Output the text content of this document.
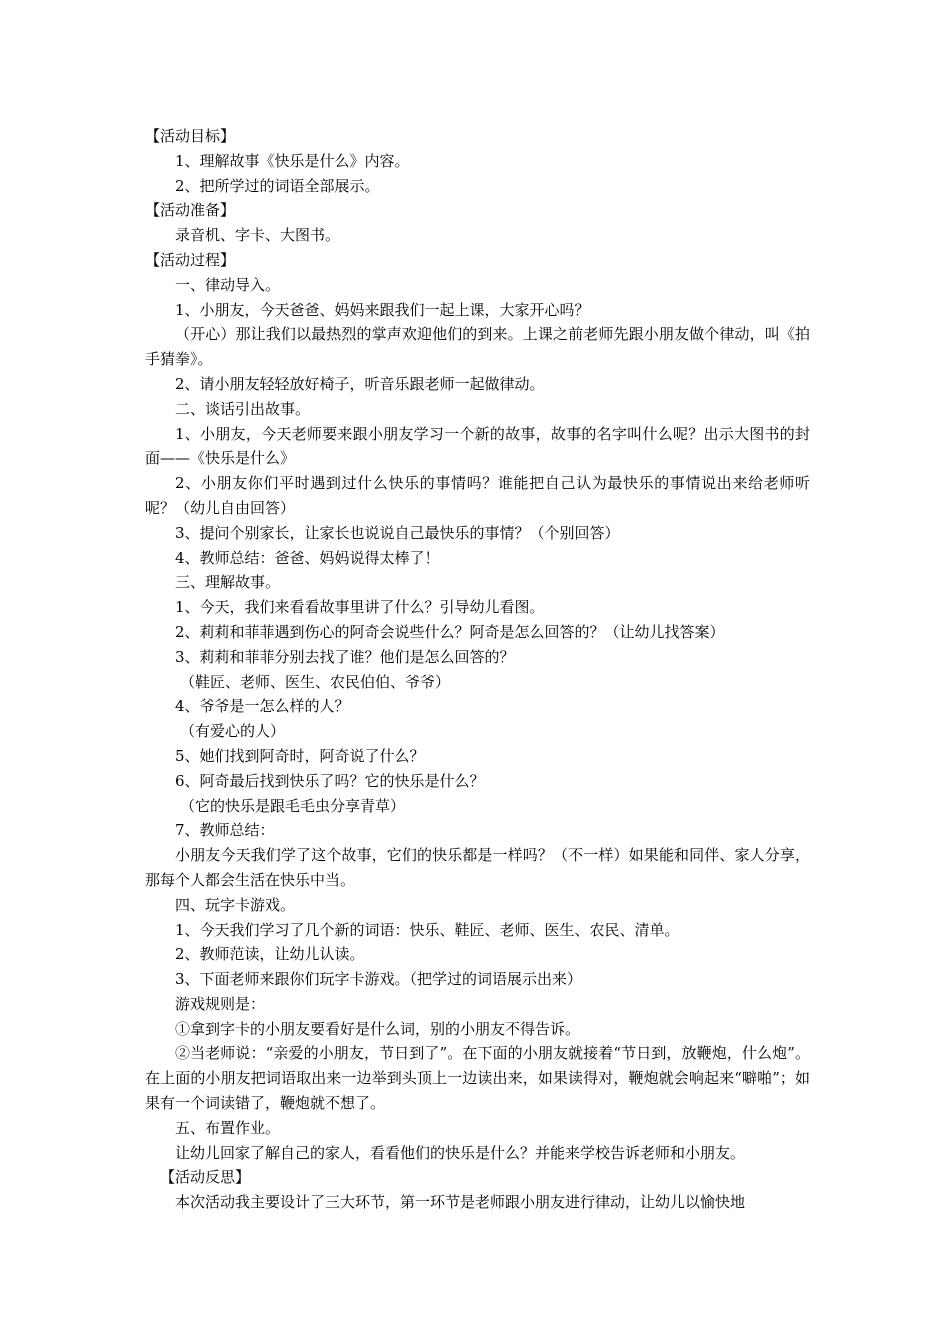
【活动目标】

1、理解故事《快乐是什么》内容。

2、把所学过的词语全部展示。

【活动准备】

录音机、字卡、大图书。

【活动过程】

一、律动导入。

1、小朋友，今天爸爸、妈妈来跟我们一起上课，大家开心吗？

（开心）那让我们以最热烈的掌声欢迎他们的到来。上课之前老师先跟小朋友做个律动，叫《拍手猜拳》。

2、请小朋友轻轻放好椅子，听音乐跟老师一起做律动。

二、谈话引出故事。

1、小朋友，今天老师要来跟小朋友学习一个新的故事，故事的名字叫什么呢？出示大图书的封面——《快乐是什么》

2、小朋友你们平时遇到过什么快乐的事情吗？谁能把自己认为最快乐的事情说出来给老师听呢？（幼儿自由回答）

3、提问个别家长，让家长也说说自己最快乐的事情？（个别回答）

4、教师总结：爸爸、妈妈说得太棒了！

三、理解故事。

1、今天，我们来看看故事里讲了什么？引导幼儿看图。

2、莉莉和菲菲遇到伤心的阿奇会说些什么？阿奇是怎么回答的？（让幼儿找答案）

3、莉莉和菲菲分别去找了谁？他们是怎么回答的？

（鞋匠、老师、医生、农民伯伯、爷爷）

4、爷爷是一怎么样的人？

（有爱心的人）

5、她们找到阿奇时，阿奇说了什么？

6、阿奇最后找到快乐了吗？它的快乐是什么？

（它的快乐是跟毛毛虫分享青草）

7、教师总结：

小朋友今天我们学了这个故事，它们的快乐都是一样吗？（不一样）如果能和同伴、家人分享，那每个人都会生活在快乐中当。

四、玩字卡游戏。

1、今天我们学习了几个新的词语：快乐、鞋匠、老师、医生、农民、清单。

2、教师范读，让幼儿认读。

3、下面老师来跟你们玩字卡游戏。（把学过的词语展示出来）

游戏规则是：

①拿到字卡的小朋友要看好是什么词，别的小朋友不得告诉。

②当老师说：“亲爱的小朋友，节日到了”。在下面的小朋友就接着“节日到，放鞭炮，什么炮”。在上面的小朋友把词语取出来一边举到头顶上一边读出来，如果读得对，鞭炮就会响起来“噼啪”；如果有一个词读错了，鞭炮就不想了。

五、布置作业。

让幼儿回家了解自己的家人，看看他们的快乐是什么？并能来学校告诉老师和小朋友。

【活动反思】

本次活动我主要设计了三大环节，第一环节是老师跟小朋友进行律动，让幼儿以愉快地
